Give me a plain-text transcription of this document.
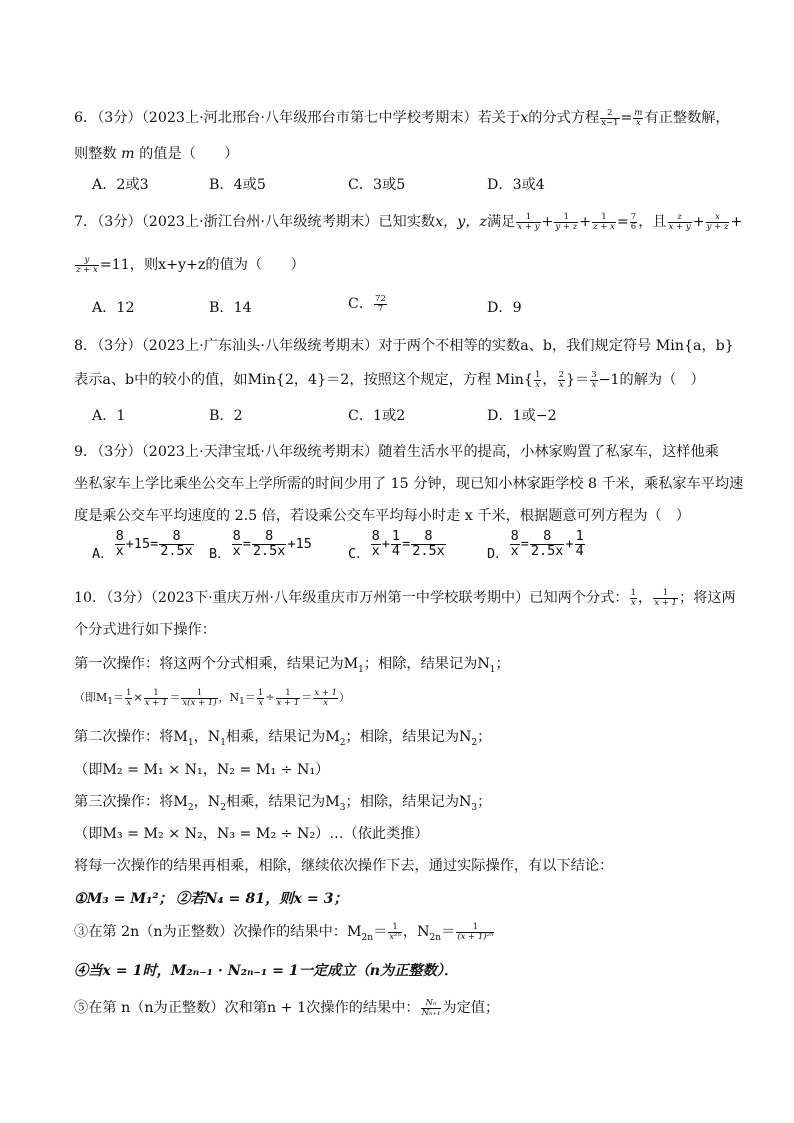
6．（3分）（2023上·河北邢台·八年级邢台市第七中学校考期末）若关于x的分式方程 $\frac{2}{x-1} = \frac{m}{x}$ 有正整数解，
则整数 m 的值是（　　）
A．2或3	B．4或5	C．3或5	D．3或4
7．（3分）（2023上·浙江台州·八年级统考期末）已知实数x，y，z满足 $\frac{1}{x + y} + \frac{1}{y + z} + \frac{1}{z + x} = \frac{7}{6}$ ，且 $\frac{z}{x + y} + \frac{x}{y + z}$ +
$\frac{y}{z + x} =11$，则x+y+z的值为（　　）
A．12	B．14	C． $\frac{72}{7}$	D．9
8．（3分）（2023上·广东汕头·八年级统考期末）对于两个不相等的实数a、b，我们规定符号 Min{a，b}
表示a、b中的较小的值，如Min{2，4}＝2，按照这个规定，方程 $Min\{ \frac{1}{x}$ ， $\frac{2}{x}$ }＝ $\frac{3}{x} -1$的解为（　）
A．1	B．2	C．1或2	D．1或−2
9．（3分）（2023上·天津宝坻·八年级统考期末）随着生活水平的提高，小林家购置了私家车，这样他乘
坐私家车上学比乘坐公交车上学所需的时间少用了 15 分钟，现已知小林家距学校 8 千米，乘私家车平均速
度是乘公交车平均速度的 2.5 倍，若设乘公交车平均每小时走 x 千米，根据题意可列方程为（　）
A． $\frac{8}{x} +15= \frac{8}{2.5x}$ B． $\frac{8}{x} = \frac{8}{2.5x} +15$
C． $\frac{8}{x} + \frac{1}{4} = \frac{8}{2.5x}$	D． $\frac{8}{x} = \frac{8}{2.5x} + \frac{1}{4}$
10．（3分）（2023下·重庆万州·八年级重庆市万州第一中学校联考期中）已知两个分式： $\frac{1}{x}$ ， $\frac{1}{x + 1}$ ；将这两
个分式进行如下操作：
第一次操作：将这两个分式相乘，结果记为$M_1$；相除，结果记为$N_1$；
（即$M_1= \frac{1}{x} \times \frac{1}{x + 1} = \frac{1}{x(x + 1)}$ ，$N_1= \frac{1}{x} \div \frac{1}{x + 1} = \frac{x + 1}{x}$ ）
第二次操作：将$M_1$，$N_1$相乘，结果记为$M_2$；相除，结果记为$N_2$；
（即M₂ = M₁ × N₁，N₂ = M₁ ÷ N₁）
第三次操作：将$M_2$，$N_2$相乘，结果记为$M_3$；相除，结果记为$N_3$；
（即M₃ = M₂ × N₂，N₃ = M₂ ÷ N₂）…（依此类推）
将每一次操作的结果再相乘，相除，继续依次操作下去，通过实际操作，有以下结论：
①M₃ = M₁²； ②若N₄ = 81，则x = 3；
③在第 2n（n为正整数）次操作的结果中：$M_{2n}= \frac{1}{\text{x²ⁿ}}$ ，$N_{2n}= \frac{1}{\text{(x + 1)²ⁿ}}$
④当x = 1时，M₂ₙ₋₁ · N₂ₙ₋₁ = 1一定成立（n为正整数）．
⑤在第 n（n为正整数）次和第n + 1次操作的结果中： $\frac{\text{Nₙ}}{\text{Nₙ₊₁}}$ 为定值；
